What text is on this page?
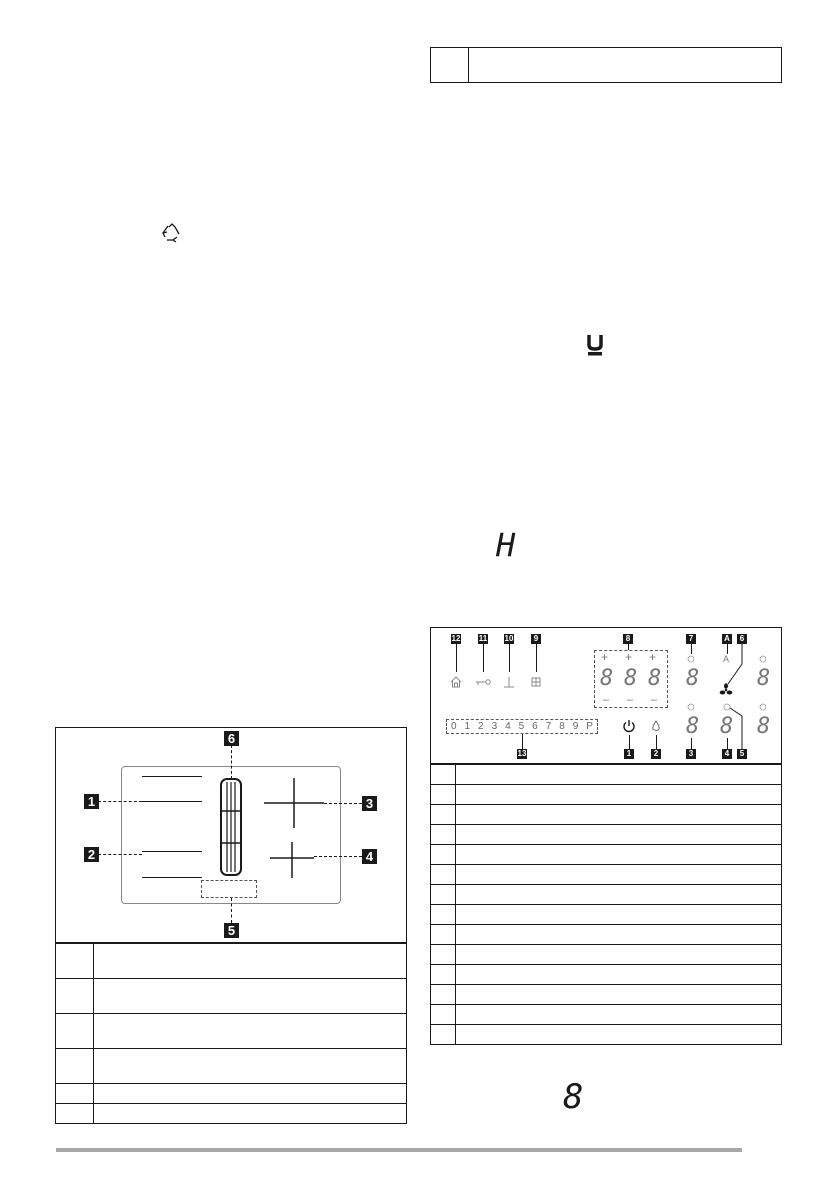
H
6
1
2
3
4
5

12 11 10	9	8	7	A	6
+ + +
8 8 8
– – –
A
8	8
8 8 8
0 1 2 3 4 5 6 7 8 9 P
13	1	2	3	4	5

8
